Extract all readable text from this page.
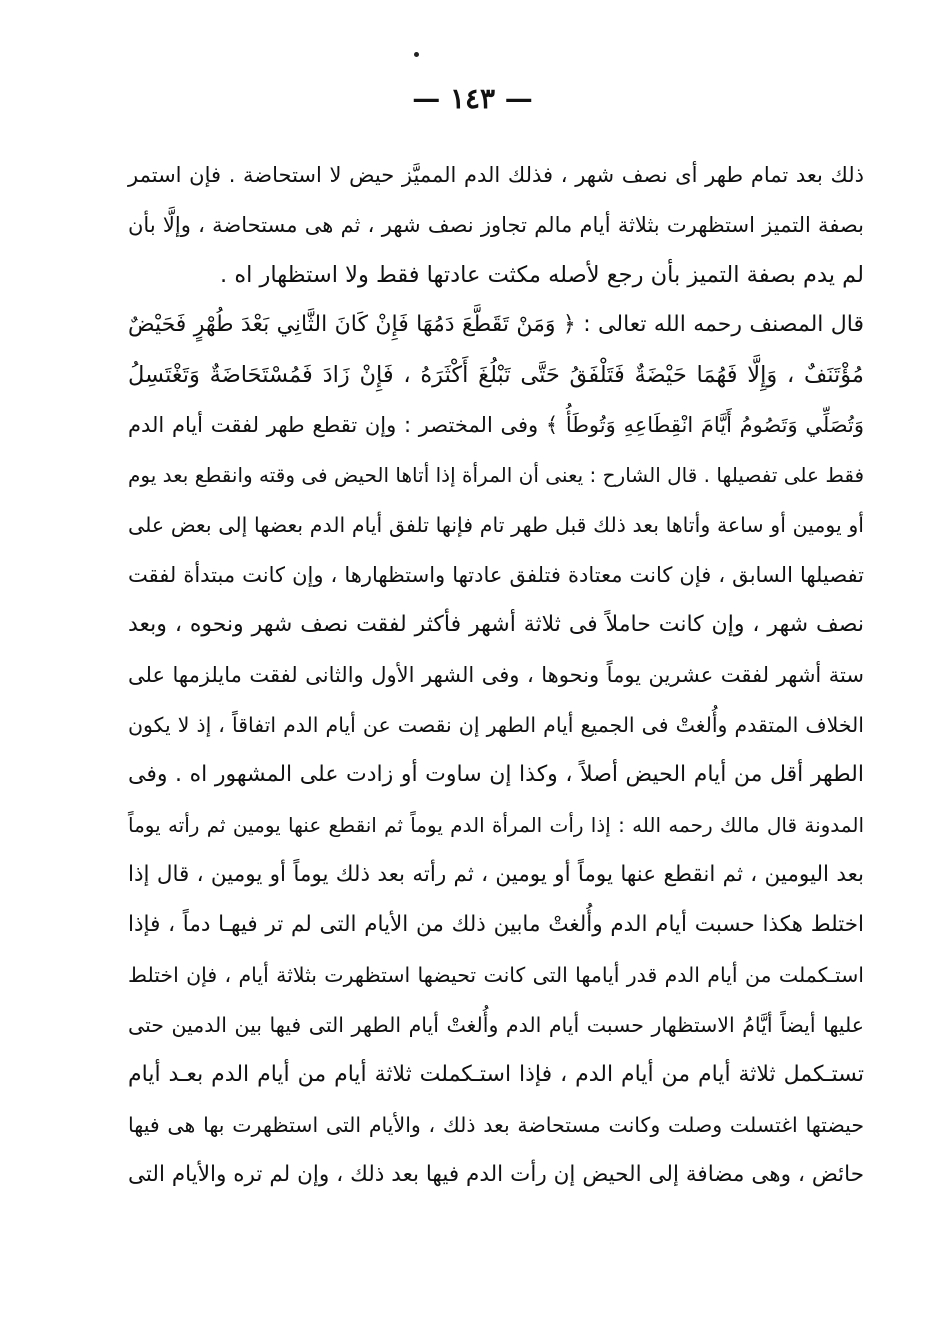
— ١٤٣ —
ذلك بعد تمام طهر أى نصف شهر ، فذلك الدم المميَّز حيض لا استحاضة . فإن استمر
بصفة التميز استظهرت بثلاثة أيام مالم تجاوز نصف شهر ، ثم هى مستحاضة ، وإلَّا بأن
لم يدم بصفة التميز بأن رجع لأصله مكثت عادتها فقط ولا استظهار اه .
قال المصنف رحمه الله تعالى : ﴿ وَمَنْ تَقَطَّعَ دَمُهَا فَإِنْ كَانَ الثَّانِي بَعْدَ طُهْرٍ فَحَيْضٌ
مُؤْتَنَفٌ ، وَإِلَّا فَهُمَا حَيْضَةٌ فَتَلْفَقُ حَتَّى تَبْلُغَ أَكْثَرَهُ ، فَإِنْ زَادَ فَمُسْتَحَاضَةٌ وَتَغْتَسِلُ
وَتُصَلِّي وَتَصُومُ أَيَّامَ انْقِطَاعِهِ وَتُوطَأُ ﴾ وفى المختصر : وإن تقطع طهر لفقت أيام الدم
فقط على تفصيلها . قال الشارح : يعنى أن المرأة إذا أتاها الحيض فى وقته وانقطع بعد يوم
أو يومين أو ساعة وأتاها بعد ذلك قبل طهر تام فإنها تلفق أيام الدم بعضها إلى بعض على
تفصيلها السابق ، فإن كانت معتادة فتلفق عادتها واستظهارها ، وإن كانت مبتدأة لفقت
نصف شهر ، وإن كانت حاملاً فى ثلاثة أشهر فأكثر لفقت نصف شهر ونحوه ، وبعد
ستة أشهر لفقت عشرين يوماً ونحوها ، وفى الشهر الأول والثانى لفقت مايلزمها على
الخلاف المتقدم وأُلغتْ فى الجميع أيام الطهر إن نقصت عن أيام الدم اتفاقاً ، إذ لا يكون
الطهر أقل من أيام الحيض أصلاً ، وكذا إن ساوت أو زادت على المشهور اه . وفى
المدونة قال مالك رحمه الله : إذا رأت المرأة الدم يوماً ثم انقطع عنها يومين ثم رأته يوماً
بعد اليومين ، ثم انقطع عنها يوماً أو يومين ، ثم رأته بعد ذلك يوماً أو يومين ، قال إذا
اختلط هكذا حسبت أيام الدم وأُلغتْ مابين ذلك من الأيام التى لم تر فيهـا دماً ، فإذا
استـكملت من أيام الدم قدر أيامها التى كانت تحيضها استظهرت بثلاثة أيام ، فإن اختلط
عليها أيضاً أيَّامُ الاستظهار حسبت أيام الدم وأُلغتْ أيام الطهر التى فيها بين الدمين حتى
تستـكمل ثلاثة أيام من أيام الدم ، فإذا استـكملت ثلاثة أيام من أيام الدم بعـد أيام
حيضتها اغتسلت وصلت وكانت مستحاضة بعد ذلك ، والأيام التى استظهرت بها هى فيها
حائض ، وهى مضافة إلى الحيض إن رأت الدم فيها بعد ذلك ، وإن لم تره والأيام التى
